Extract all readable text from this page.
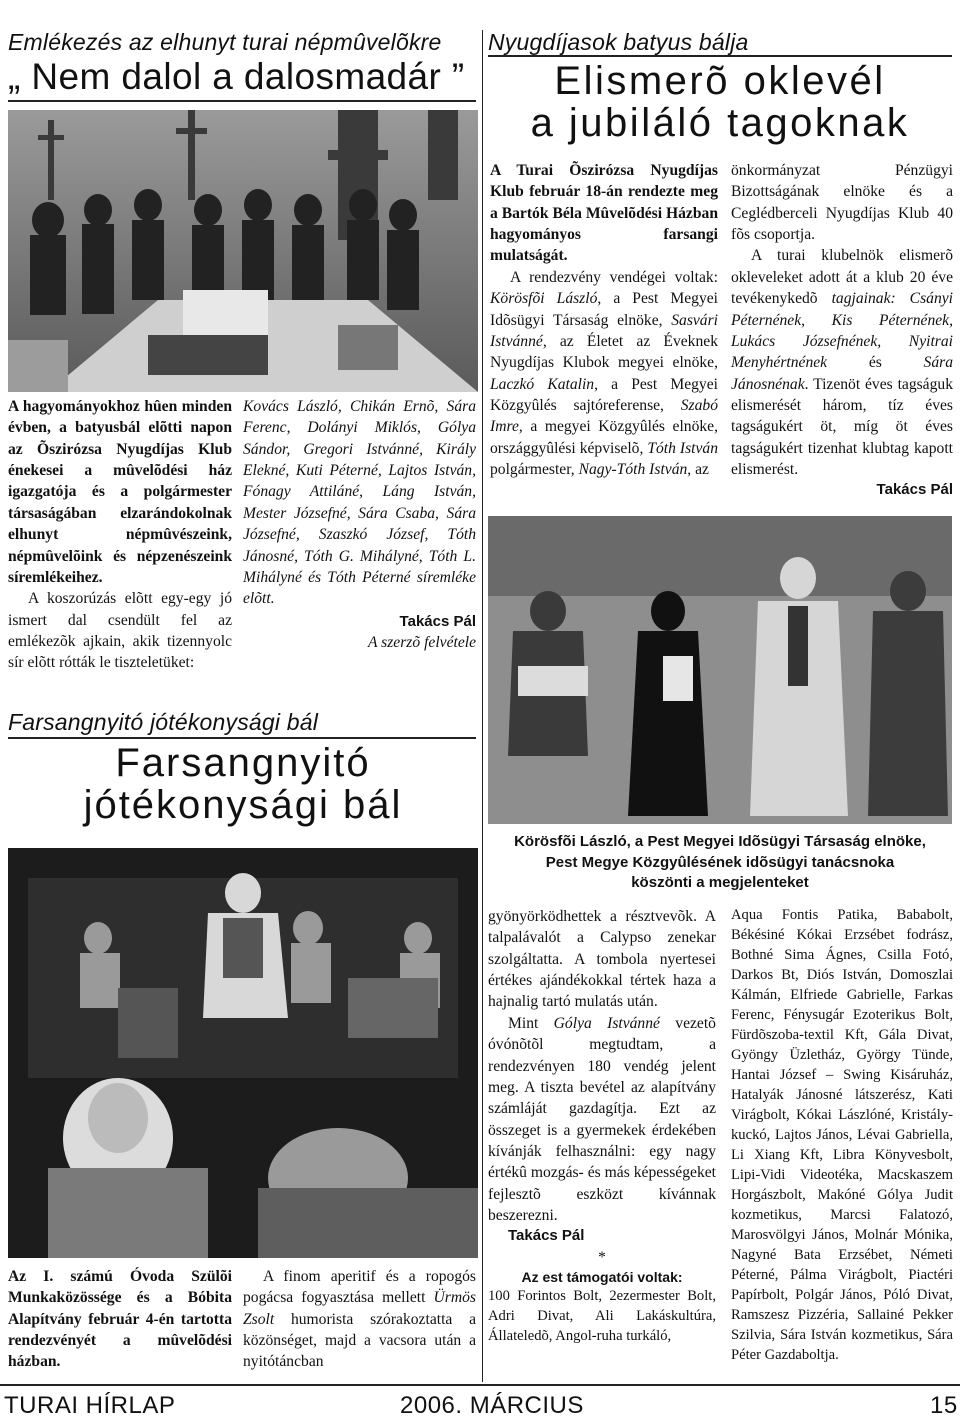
Emlékezés az elhunyt turai népmûvelõkre
„ Nem dalol a dalosmadár ”

A hagyományokhoz hûen minden évben, a batyusbál elõtti napon az Õszirózsa Nyugdíjas Klub énekesei a mûvelõdési ház igazgatója és a polgármester társaságában elzarándokolnak elhunyt népmûvészeink, népmûvelõink és népzenészeink síremlékeihez.

A koszorúzás elõtt egy-egy jó ismert dal csendült fel az emlékezõk ajkain, akik tizennyolc sír elõtt rótták le tiszteletüket:

Kovács László, Chikán Ernõ, Sára Ferenc, Dolányi Miklós, Gólya Sándor, Gregori Istvánné, Király Elekné, Kuti Péterné, Lajtos István, Fónagy Attiláné, Láng István, Mester Józsefné, Sára Csaba, Sára Józsefné, Szaszkó József, Tóth Jánosné, Tóth G. Mihályné, Tóth L. Mihályné és Tóth Péterné síremléke elõtt.

Takács Pál

A szerzõ felvétele

Farsangnyitó jótékonysági bál
Farsangnyitó
jótékonysági bál

Az I. számú Óvoda Szülõi Munkaközössége és a Bóbita Alapítvány február 4-én tartotta rendezvényét a mûvelõdési házban.

A finom aperitif és a ropogós pogácsa fogyasztása mellett Ürmös Zsolt humorista szórakoztatta a közönséget, majd a vacsora után a nyitótáncban

Nyugdíjasok batyus bálja
Elismerõ oklevél
a jubiláló tagoknak

A Turai Õszirózsa Nyugdíjas Klub február 18-án rendezte meg a Bartók Béla Mûvelõdési Házban hagyományos farsangi mulatságát.

A rendezvény vendégei voltak: Körösfõi László, a Pest Megyei Idõsügyi Társaság elnöke, Sasvári Istvánné, az Életet az Éveknek Nyugdíjas Klubok megyei elnöke, Laczkó Katalin, a Pest Megyei Közgyûlés sajtóreferense, Szabó Imre, a megyei Közgyûlés elnöke, országgyûlési képviselõ, Tóth István polgármester, Nagy-Tóth István, az

önkormányzat Pénzügyi Bizottságának elnöke és a Ceglédberceli Nyugdíjas Klub 40 fõs csoportja.

A turai klubelnök elismerõ okleveleket adott át a klub 20 éve tevékenykedõ tagjainak: Csányi Péternének, Kis Péternének, Lukács Józsefnének, Nyitrai Menyhértnének és Sára Jánosnénak. Tizenöt éves tagságuk elismerését három, tíz éves tagságukért öt, míg öt éves tagságukért tizenhat klubtag kapott elismerést.

Takács Pál

Körösfõi László, a Pest Megyei Idõsügyi Társaság elnöke,
Pest Megye Közgyûlésének idõsügyi tanácsnoka
köszönti a megjelenteket

gyönyörködhettek a résztvevõk. A talpalávalót a Calypso zenekar szolgáltatta. A tombola nyertesei értékes ajándékokkal tértek haza a hajnalig tartó mulatás után.

Mint Gólya Istvánné vezetõ óvónõtõl megtudtam, a rendezvényen 180 vendég jelent meg. A tiszta bevétel az alapítvány számláját gazdagítja. Ezt az összeget is a gyermekek érdekében kívánják felhasználni: egy nagy értékû mozgás- és más képességeket fejlesztõ eszközt kívánnak beszerezni.

Takács Pál

*

Az est támogatói voltak:

100 Forintos Bolt, 2ezermester Bolt, Adri Divat, Ali Lakáskultúra, Állateledõ, Angol-ruha turkáló,

Aqua Fontis Patika, Bababolt, Békésiné Kókai Erzsébet fodrász, Bothné Sima Ágnes, Csilla Fotó, Darkos Bt, Diós István, Domoszlai Kálmán, Elfriede Gabrielle, Farkas Ferenc, Fénysugár Ezoterikus Bolt, Fürdõszoba-textil Kft, Gála Divat, Gyöngy Üzletház, György Tünde, Hantai József – Swing Kisáruház, Hatalyák Jánosné látszerész, Kati Virágbolt, Kókai Lászlóné, Kristály-kuckó, Lajtos János, Lévai Gabriella, Li Xiang Kft, Libra Könyvesbolt, Lipi-Vidi Videotéka, Macskaszem Horgászbolt, Makóné Gólya Judit kozmetikus, Marcsi Falatozó, Marosvölgyi János, Molnár Mónika, Nagyné Bata Erzsébet, Németi Péterné, Pálma Virágbolt, Piactéri Papírbolt, Polgár János, Póló Divat, Ramszesz Pizzéria, Sallainé Pekker Szilvia, Sára István kozmetikus, Sára Péter Gazdaboltja.

TURAI HÍRLAP	2006. MÁRCIUS	15
